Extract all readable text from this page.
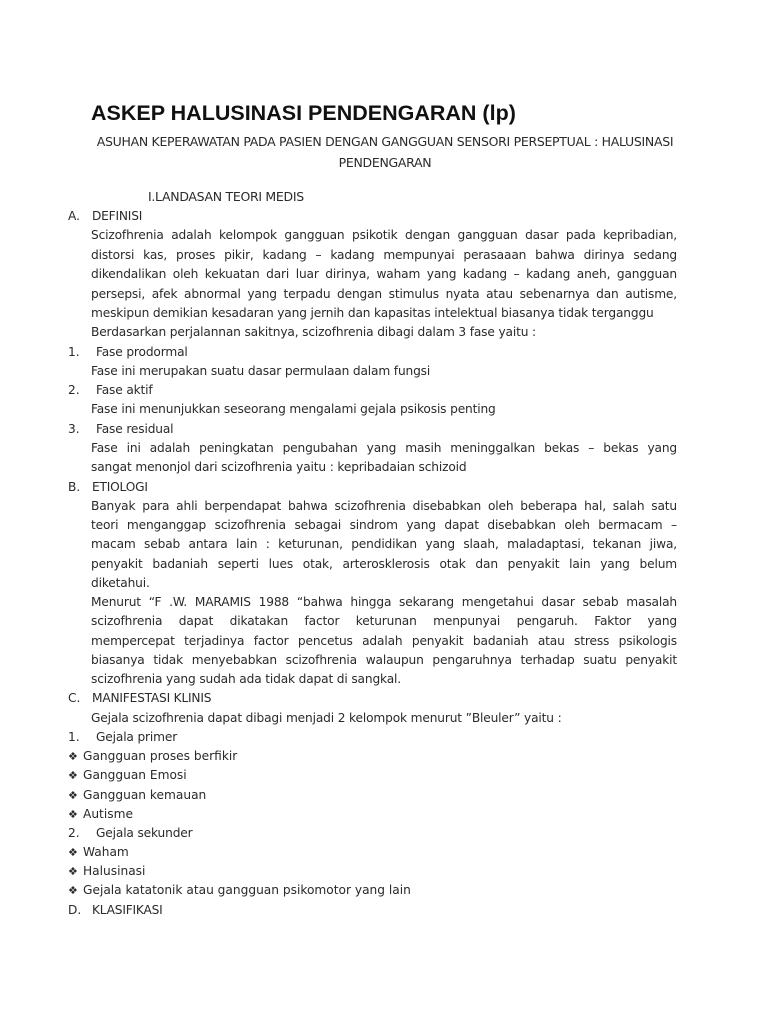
ASKEP HALUSINASI PENDENGARAN (lp)
ASUHAN KEPERAWATAN PADA PASIEN DENGAN GANGGUAN SENSORI PERSEPTUAL : HALUSINASI
PENDENGARAN
I.LANDASAN TEORI MEDIS
A. DEFINISI
Scizofhrenia adalah kelompok gangguan psikotik dengan gangguan dasar pada kepribadian,
distorsi kas, proses pikir, kadang – kadang mempunyai perasaaan bahwa dirinya sedang
dikendalikan oleh kekuatan dari luar dirinya, waham yang kadang – kadang aneh, gangguan
persepsi, afek abnormal yang terpadu dengan stimulus nyata atau sebenarnya dan autisme,
meskipun demikian kesadaran yang jernih dan kapasitas intelektual biasanya tidak terganggu
Berdasarkan perjalannan sakitnya, scizofhrenia dibagi dalam 3 fase yaitu :
1. Fase prodormal
Fase ini merupakan suatu dasar permulaan dalam fungsi
2. Fase aktif
Fase ini menunjukkan seseorang mengalami gejala psikosis penting
3. Fase residual
Fase ini adalah peningkatan pengubahan yang masih meninggalkan bekas – bekas yang
sangat menonjol dari scizofhrenia yaitu : kepribadaian schizoid
B. ETIOLOGI
Banyak para ahli berpendapat bahwa scizofhrenia disebabkan oleh beberapa hal, salah satu
teori menganggap scizofhrenia sebagai sindrom yang dapat disebabkan oleh bermacam –
macam sebab antara lain : keturunan, pendidikan yang slaah, maladaptasi, tekanan jiwa,
penyakit badaniah seperti lues otak, arterosklerosis otak dan penyakit lain yang belum
diketahui.
Menurut “F .W. MARAMIS 1988 “bahwa hingga sekarang mengetahui dasar sebab masalah
scizofhrenia dapat dikatakan factor keturunan menpunyai pengaruh. Faktor yang
mempercepat terjadinya factor pencetus adalah penyakit badaniah atau stress psikologis
biasanya tidak menyebabkan scizofhrenia walaupun pengaruhnya terhadap suatu penyakit
scizofhrenia yang sudah ada tidak dapat di sangkal.
C. MANIFESTASI KLINIS
Gejala scizofhrenia dapat dibagi menjadi 2 kelompok menurut ”Bleuler” yaitu :
1. Gejala primer
❖ Gangguan proses berfikir
❖ Gangguan Emosi
❖ Gangguan kemauan
❖ Autisme
2. Gejala sekunder
❖ Waham
❖ Halusinasi
❖ Gejala katatonik atau gangguan psikomotor yang lain
D. KLASIFIKASI
